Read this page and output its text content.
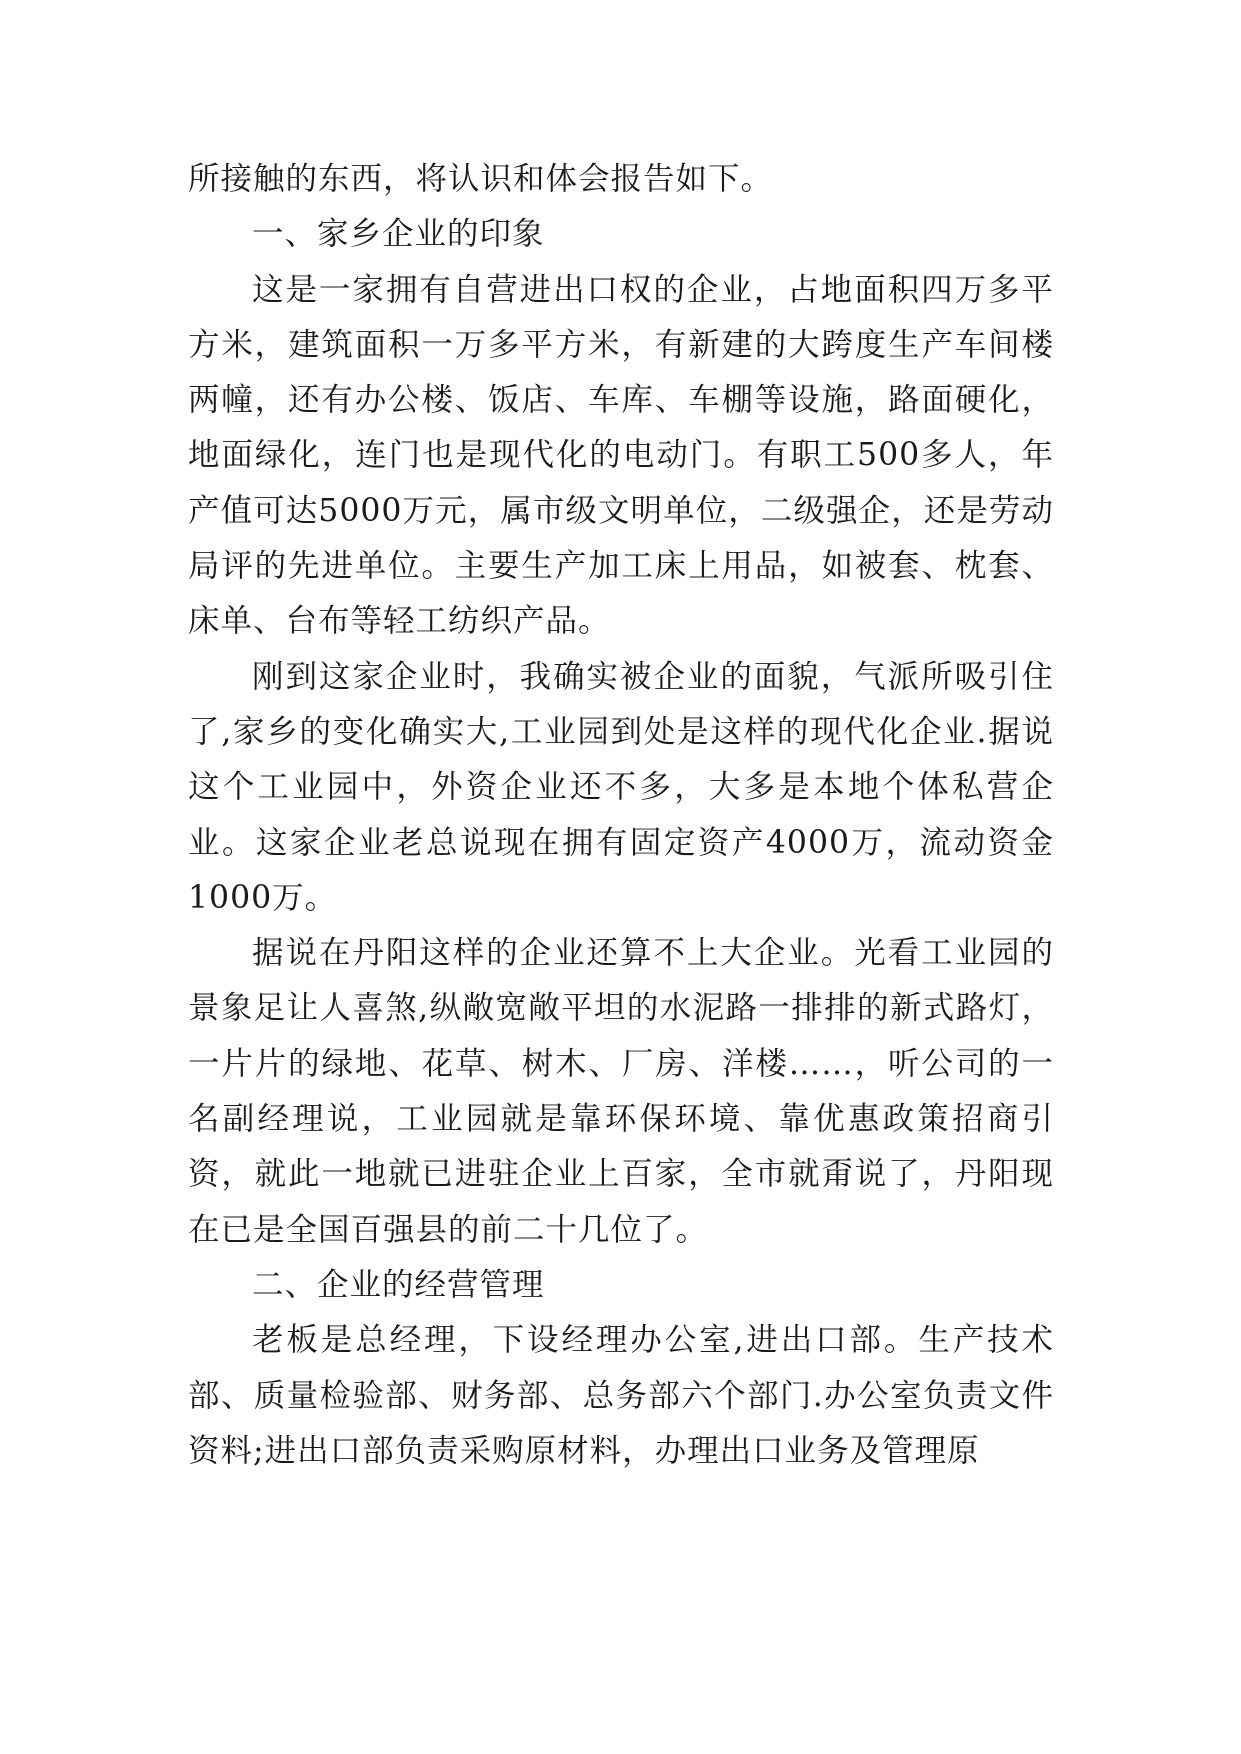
所接触的东西，将认识和体会报告如下。

一、家乡企业的印象

这是一家拥有自营进出口权的企业，占地面积四万多平方米，建筑面积一万多平方米，有新建的大跨度生产车间楼两幢，还有办公楼、饭店、车库、车棚等设施，路面硬化，地面绿化，连门也是现代化的电动门。有职工500多人，年产值可达5000万元，属市级文明单位，二级强企，还是劳动局评的先进单位。主要生产加工床上用品，如被套、枕套、床单、台布等轻工纺织产品。

刚到这家企业时，我确实被企业的面貌，气派所吸引住了,家乡的变化确实大,工业园到处是这样的现代化企业.据说这个工业园中，外资企业还不多，大多是本地个体私营企业。这家企业老总说现在拥有固定资产4000万，流动资金1000万。

据说在丹阳这样的企业还算不上大企业。光看工业园的景象足让人喜煞,纵敞宽敞平坦的水泥路一排排的新式路灯，一片片的绿地、花草、树木、厂房、洋楼……，听公司的一名副经理说，工业园就是靠环保环境、靠优惠政策招商引资，就此一地就已进驻企业上百家，全市就甭说了，丹阳现在已是全国百强县的前二十几位了。

二、企业的经营管理

老板是总经理，下设经理办公室,进出口部。生产技术部、质量检验部、财务部、总务部六个部门.办公室负责文件资料;进出口部负责采购原材料，办理出口业务及管理原
